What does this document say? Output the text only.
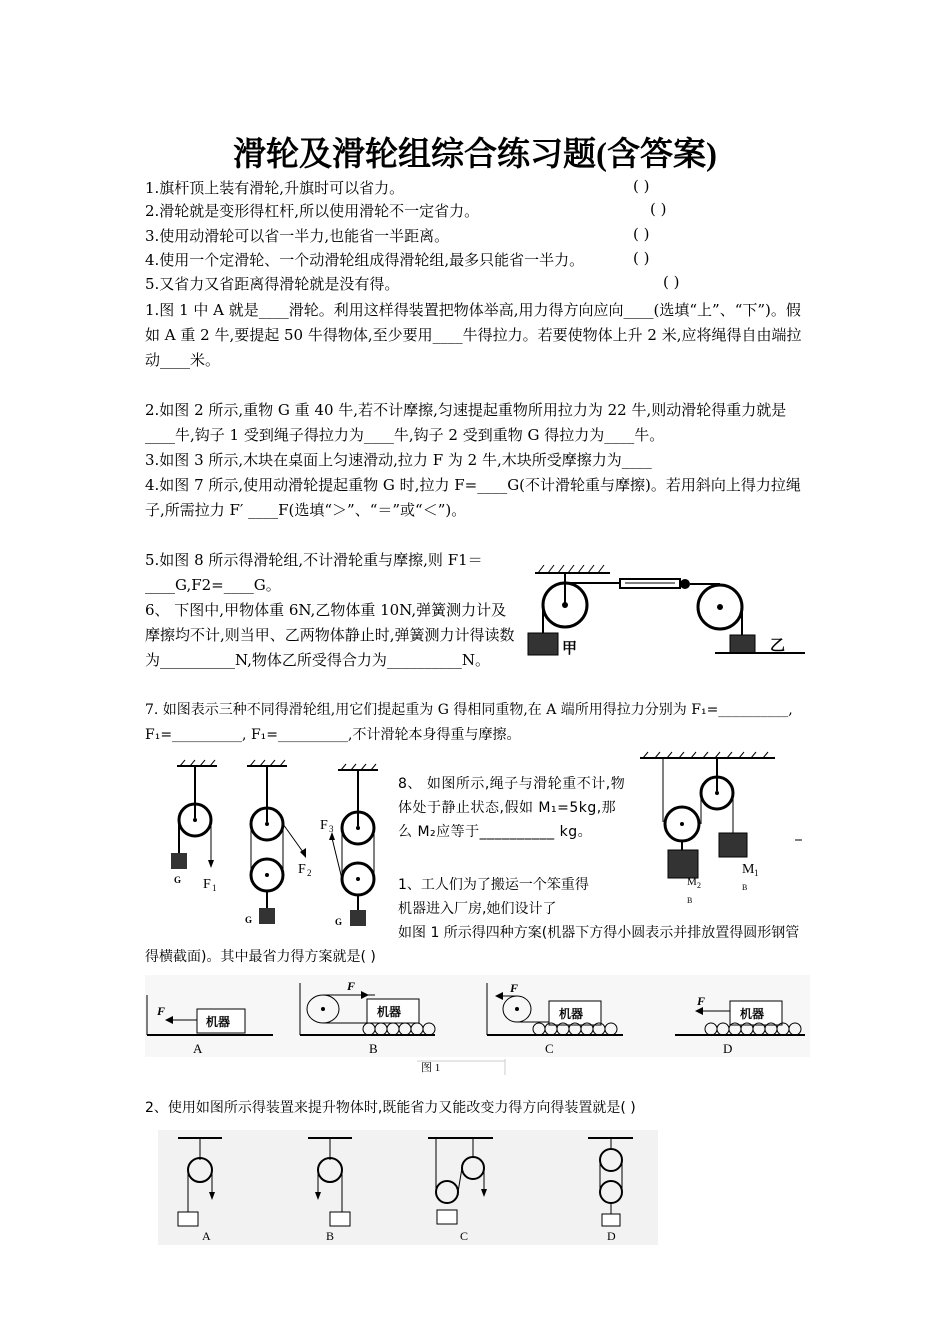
滑轮及滑轮组综合练习题(含答案)
1.旗杆顶上装有滑轮,升旗时可以省力。	( )
2.滑轮就是变形得杠杆,所以使用滑轮不一定省力。	( )
3.使用动滑轮可以省一半力,也能省一半距离。	( )
4.使用一个定滑轮、一个动滑轮组成得滑轮组,最多只能省一半力。	( )
5.又省力又省距离得滑轮就是没有得。	( )
1.图 1 中 A 就是____滑轮。利用这样得装置把物体举高,用力得方向应向____(选填“上”、“下”)。假如 A 重 2 牛,要提起 50 牛得物体,至少要用____牛得拉力。若要使物体上升 2 米,应将绳得自由端拉动____米。
2.如图 2 所示,重物 G 重 40 牛,若不计摩擦,匀速提起重物所用拉力为 22 牛,则动滑轮得重力就是____牛,钩子 1 受到绳子得拉力为____牛,钩子 2 受到重物 G 得拉力为____牛。
3.如图 3 所示,木块在桌面上匀速滑动,拉力 F 为 2 牛,木块所受摩擦力为____
4.如图 7 所示,使用动滑轮提起重物 G 时,拉力 F=____G(不计滑轮重与摩擦)。若用斜向上得力拉绳子,所需拉力 F′ ____F(选填“＞”、“＝”或“＜”)。
5.如图 8 所示得滑轮组,不计滑轮重与摩擦,则 F1＝____G,F2=____G。
6、 下图中,甲物体重 6N,乙物体重 10N,弹簧测力计及摩擦均不计,则当甲、乙两物体静止时,弹簧测力计得读数为__________N,物体乙所受得合力为__________N。
7. 如图表示三种不同得滑轮组,用它们提起重为 G 得相同重物,在 A 端所用得拉力分别为 F₁=__________, F₁=__________, F₁=__________,不计滑轮本身得重与摩擦。
甲	乙
G F 1
F 2
G
F 3
G
8、 如图所示,绳子与滑轮重不计,物体处于静止状态,假如 M₁=5kg,那么 M₂应等于__________ kg。
1、工人们为了搬运一个笨重得机器进入厂房,她们设计了
如图 1 所示得四种方案(机器下方得小圆表示并排放置得圆形钢管得横截面)。其中最省力得方案就是( )
M 1
B
M 2
B
机器
F
A
F
机器
B
F
机器
C
机器
F
D
图 1
2、使用如图所示得装置来提升物体时,既能省力又能改变力得方向得装置就是( )
A	B	C	D
